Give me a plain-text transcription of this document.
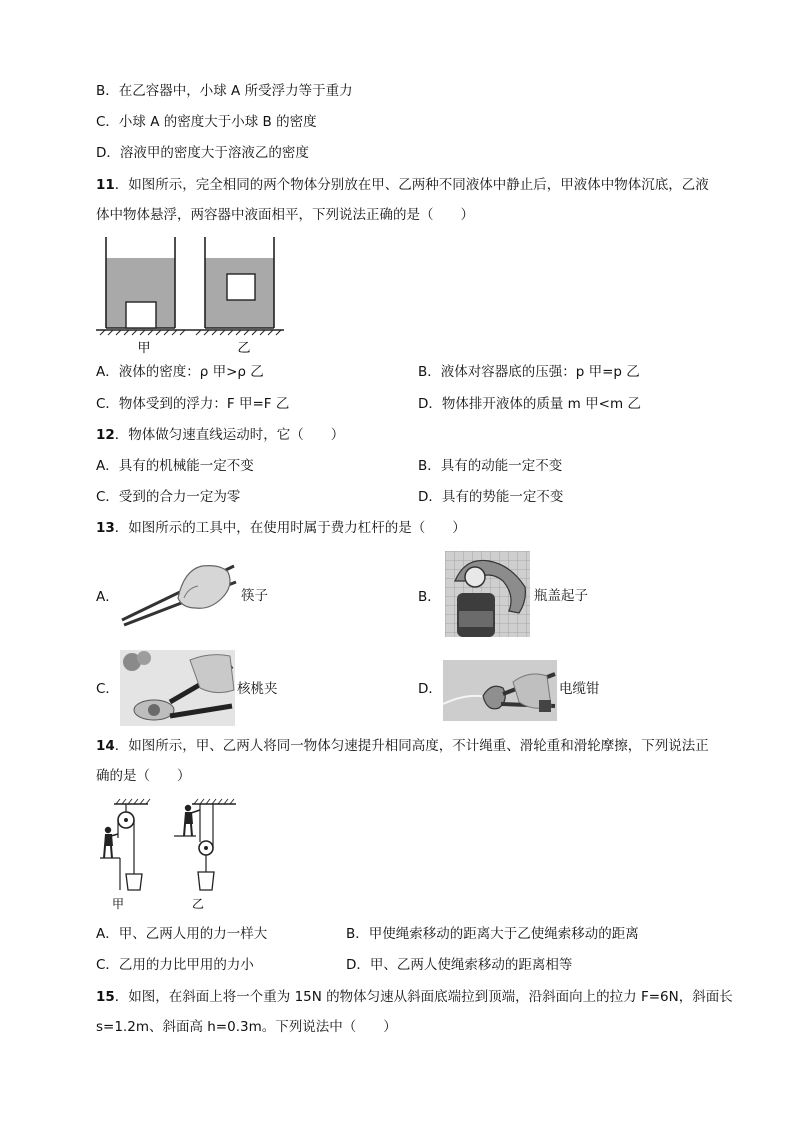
B．在乙容器中，小球 A 所受浮力等于重力
C．小球 A 的密度大于小球 B 的密度
D．溶液甲的密度大于溶液乙的密度
11．如图所示，完全相同的两个物体分别放在甲、乙两种不同液体中静止后，甲液体中物体沉底，乙液
体中物体悬浮，两容器中液面相平，下列说法正确的是（　　）
甲	乙
A．液体的密度：ρ 甲>ρ 乙	B．液体对容器底的压强：p 甲=p 乙
C．物体受到的浮力：F 甲=F 乙	D．物体排开液体的质量 m 甲<m 乙
12．物体做匀速直线运动时，它（　　）
A．具有的机械能一定不变	B．具有的动能一定不变
C．受到的合力一定为零	D．具有的势能一定不变
13．如图所示的工具中，在使用时属于费力杠杆的是（　　）
A．	筷子	B．	瓶盖起子
C．	核桃夹	D．	电缆钳
14．如图所示，甲、乙两人将同一物体匀速提升相同高度，不计绳重、滑轮重和滑轮摩擦，下列说法正
确的是（　　）
甲	乙
A．甲、乙两人用的力一样大	B．甲使绳索移动的距离大于乙使绳索移动的距离
C．乙用的力比甲用的力小	D．甲、乙两人使绳索移动的距离相等
15．如图，在斜面上将一个重为 15N 的物体匀速从斜面底端拉到顶端，沿斜面向上的拉力 F=6N，斜面长
s=1.2m、斜面高 h=0.3m。下列说法中（　　）
